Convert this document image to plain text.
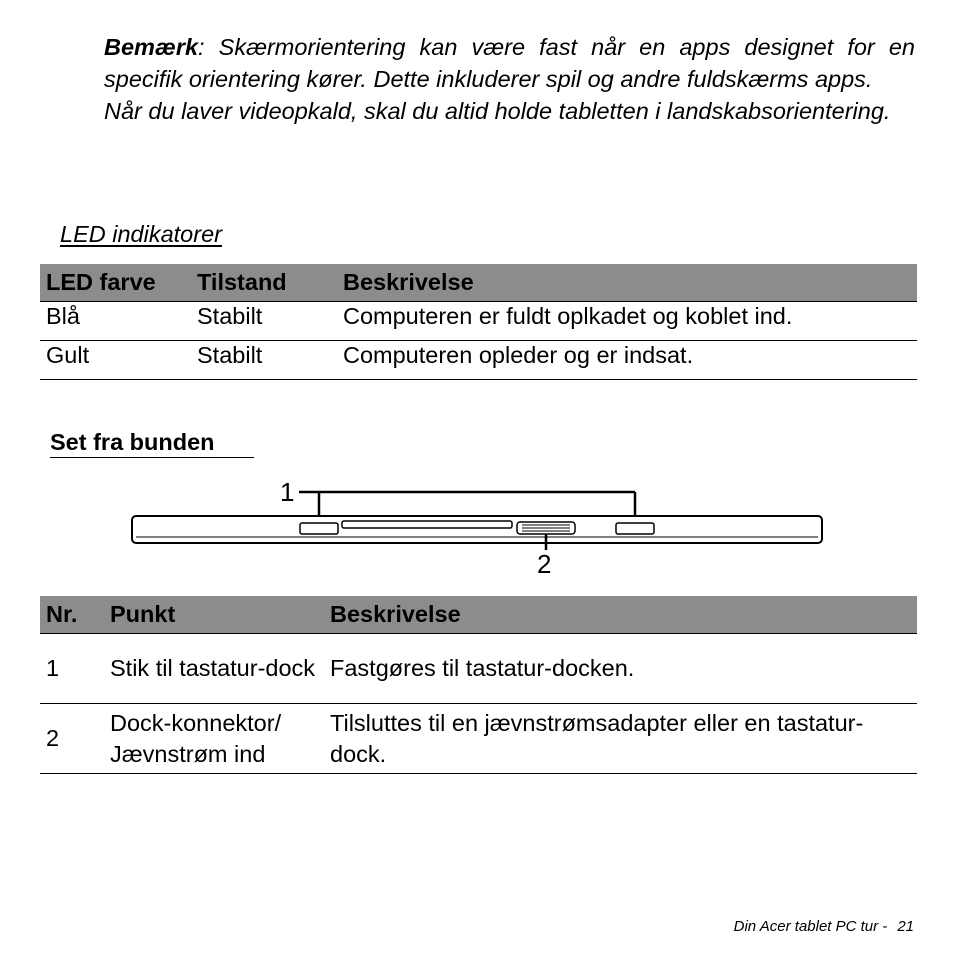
Bemærk: Skærmorientering kan være fast når en apps designet for en specifik orientering kører. Dette inkluderer spil og andre fuldskærms apps.

Når du laver videopkald, skal du altid holde tabletten i landskabsorientering.

LED indikatorer
LED farve	Tilstand	Beskrivelse
Blå	Stabilt	Computeren er fuldt oplkadet og koblet ind.
Gult	Stabilt	Computeren opleder og er indsat.
Set fra bunden
1
2
Nr.	Punkt	Beskrivelse
1	Stik til tastatur-dock	Fastgøres til tastatur-docken.
2	Dock-konnektor/ Jævnstrøm ind	Tilsluttes til en jævnstrømsadapter eller en tastatur-dock.
Din Acer tablet PC tur - 21
